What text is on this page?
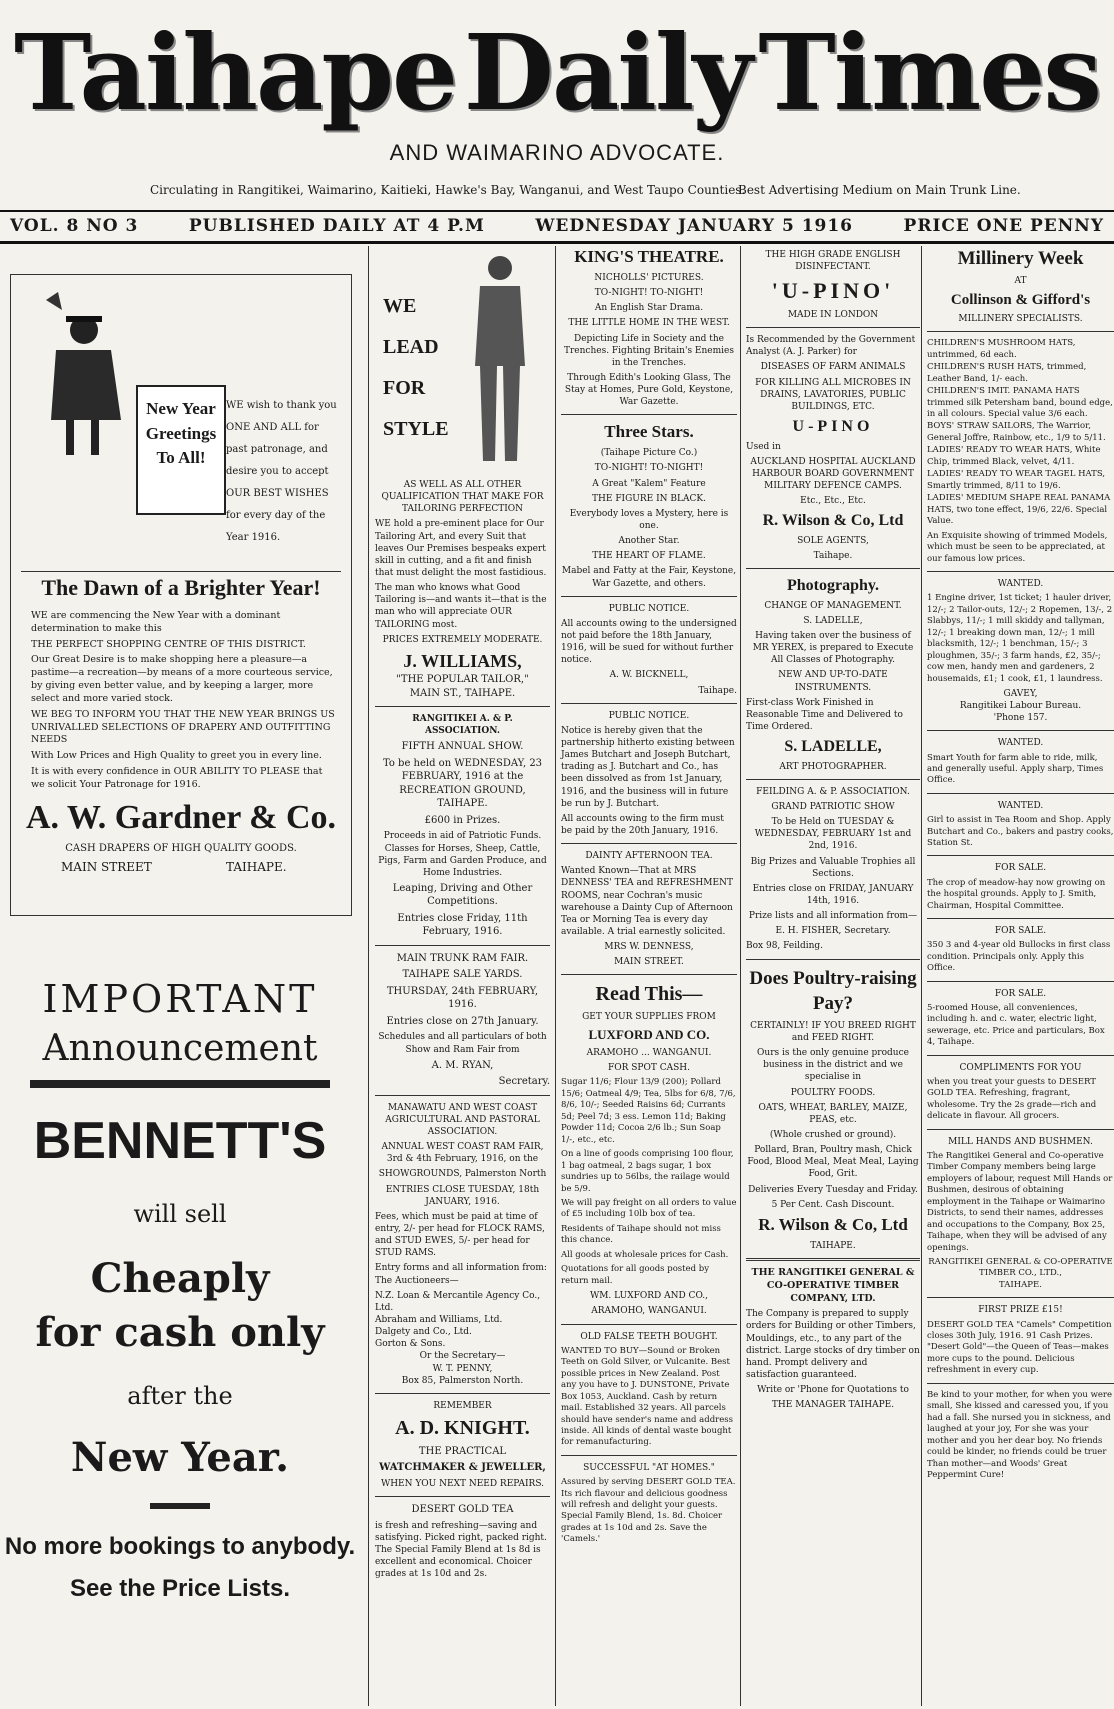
Taihape Daily Times
AND WAIMARINO ADVOCATE.
Circulating in Rangitikei, Waimarino, Kaitieki, Hawke's Bay, Wanganui, and West Taupo Counties.
Best Advertising Medium on Main Trunk Line.
VOL. 8 NO 3	PUBLISHED DAILY AT 4 P.M	WEDNESDAY JANUARY 5 1916	PRICE ONE PENNY
New Year
Greetings
To All!
WE wish to thank you ONE AND ALL for past patronage, and desire you to accept OUR BEST WISHES for every day of the Year 1916.
The Dawn of a Brighter Year!

WE are commencing the New Year with a dominant determination to make this

THE PERFECT SHOPPING CENTRE OF THIS DISTRICT.

Our Great Desire is to make shopping here a pleasure—a pastime—a recreation—by means of a more courteous service, by giving even better value, and by keeping a larger, more select and more varied stock.

WE BEG TO INFORM YOU THAT THE NEW YEAR BRINGS US UNRIVALLED SELECTIONS OF DRAPERY AND OUTFITTING NEEDS

With Low Prices and High Quality to greet you in every line.

It is with every confidence in OUR ABILITY TO PLEASE that we solicit Your Patronage for 1916.

A. W. Gardner & Co.
CASH DRAPERS OF HIGH QUALITY GOODS.
MAIN STREET	TAIHAPE.
IMPORTANT
Announcement
BENNETT'S
will sell
Cheaply
for cash only
after the
New Year.
No more bookings to anybody.
See the Price Lists.
WE
LEAD
FOR
STYLE

AS WELL AS ALL OTHER QUALIFICATION THAT MAKE FOR TAILORING PERFECTION

WE hold a pre-eminent place for Our Tailoring Art, and every Suit that leaves Our Premises bespeaks expert skill in cutting, and a fit and finish that must delight the most fastidious.

The man who knows what Good Tailoring is—and wants it—that is the man who will appreciate OUR TAILORING most.

PRICES EXTREMELY MODERATE.

J. WILLIAMS,
"THE POPULAR TAILOR,"
MAIN ST., TAIHAPE.
RANGITIKEI A. & P. ASSOCIATION.

FIFTH ANNUAL SHOW.

To be held on WEDNESDAY, 23 FEBRUARY, 1916 at the RECREATION GROUND, TAIHAPE.

£600 in Prizes.

Proceeds in aid of Patriotic Funds. Classes for Horses, Sheep, Cattle, Pigs, Farm and Garden Produce, and Home Industries.

Leaping, Driving and Other Competitions.

Entries close Friday, 11th February, 1916.

MAIN TRUNK RAM FAIR.

TAIHAPE SALE YARDS.

THURSDAY, 24th FEBRUARY, 1916.

Entries close on 27th January.

Schedules and all particulars of both Show and Ram Fair from

A. M. RYAN,

Secretary.

MANAWATU AND WEST COAST AGRICULTURAL AND PASTORAL ASSOCIATION.

ANNUAL WEST COAST RAM FAIR, 3rd & 4th February, 1916, on the

SHOWGROUNDS, Palmerston North

ENTRIES CLOSE TUESDAY, 18th JANUARY, 1916.

Fees, which must be paid at time of entry, 2/- per head for FLOCK RAMS, and STUD EWES, 5/- per head for STUD RAMS.

Entry forms and all information from: The Auctioneers—

N.Z. Loan & Mercantile Agency Co., Ltd.

Abraham and Williams, Ltd.

Dalgety and Co., Ltd.

Gorton & Sons.

Or the Secretary—

W. T. PENNY,

Box 85, Palmerston North.

REMEMBER

A. D. KNIGHT.

THE PRACTICAL

WATCHMAKER & JEWELLER,

WHEN YOU NEXT NEED REPAIRS.

DESERT GOLD TEA

is fresh and refreshing—saving and satisfying. Picked right, packed right. The Special Family Blend at 1s 8d is excellent and economical. Choicer grades at 1s 10d and 2s.

KING'S THEATRE.

NICHOLLS' PICTURES.

TO-NIGHT! TO-NIGHT!

An English Star Drama.

THE LITTLE HOME IN THE WEST.

Depicting Life in Society and the Trenches. Fighting Britain's Enemies in the Trenches.

Through Edith's Looking Glass, The Stay at Homes, Pure Gold, Keystone, War Gazette.

Three Stars.

(Taihape Picture Co.)

TO-NIGHT! TO-NIGHT!

A Great "Kalem" Feature

THE FIGURE IN BLACK.

Everybody loves a Mystery, here is one.

Another Star.

THE HEART OF FLAME.

Mabel and Fatty at the Fair, Keystone, War Gazette, and others.

PUBLIC NOTICE.

All accounts owing to the undersigned not paid before the 18th January, 1916, will be sued for without further notice.

A. W. BICKNELL,

Taihape.

PUBLIC NOTICE.

Notice is hereby given that the partnership hitherto existing between James Butchart and Joseph Butchart, trading as J. Butchart and Co., has been dissolved as from 1st January, 1916, and the business will in future be run by J. Butchart.

All accounts owing to the firm must be paid by the 20th January, 1916.

DAINTY AFTERNOON TEA.

Wanted Known—That at MRS DENNESS' TEA and REFRESHMENT ROOMS, near Cochran's music warehouse a Dainty Cup of Afternoon Tea or Morning Tea is every day available. A trial earnestly solicited.

MRS W. DENNESS,

MAIN STREET.

Read This—

GET YOUR SUPPLIES FROM

LUXFORD AND CO.

ARAMOHO ... WANGANUI.

FOR SPOT CASH.

Sugar 11/6; Flour 13/9 (200); Pollard 15/6; Oatmeal 4/9; Tea, 5lbs for 6/8, 7/6, 8/6, 10/-; Seeded Raisins 6d; Currants 5d; Peel 7d; 3 ess. Lemon 11d; Baking Powder 11d; Cocoa 2/6 lb.; Sun Soap 1/-, etc., etc.

On a line of goods comprising 100 flour, 1 bag oatmeal, 2 bags sugar, 1 box sundries up to 56lbs, the railage would be 5/9.

We will pay freight on all orders to value of £5 including 10lb box of tea.

Residents of Taihape should not miss this chance.

All goods at wholesale prices for Cash.

Quotations for all goods posted by return mail.

WM. LUXFORD AND CO.,

ARAMOHO, WANGANUI.

OLD FALSE TEETH BOUGHT.

WANTED TO BUY—Sound or Broken Teeth on Gold Silver, or Vulcanite. Best possible prices in New Zealand. Post any you have to J. DUNSTONE, Private Box 1053, Auckland. Cash by return mail. Established 32 years. All parcels should have sender's name and address inside. All kinds of dental waste bought for remanufacturing.

SUCCESSFUL "AT HOMES."

Assured by serving DESERT GOLD TEA. Its rich flavour and delicious goodness will refresh and delight your guests. Special Family Blend, 1s. 8d. Choicer grades at 1s 10d and 2s. Save the 'Camels.'

THE HIGH GRADE ENGLISH DISINFECTANT.

'U-PINO'

MADE IN LONDON

Is Recommended by the Government Analyst (A. J. Parker) for

DISEASES OF FARM ANIMALS

FOR KILLING ALL MICROBES IN DRAINS, LAVATORIES, PUBLIC BUILDINGS, ETC.

U-PINO

Used in

AUCKLAND HOSPITAL AUCKLAND HARBOUR BOARD GOVERNMENT MILITARY DEFENCE CAMPS.

Etc., Etc., Etc.

R. Wilson & Co, Ltd

SOLE AGENTS,

Taihape.

Photography.

CHANGE OF MANAGEMENT.

S. LADELLE,

Having taken over the business of MR YEREX, is prepared to Execute All Classes of Photography.

NEW AND UP-TO-DATE INSTRUMENTS.

First-class Work Finished in Reasonable Time and Delivered to Time Ordered.

S. LADELLE,

ART PHOTOGRAPHER.

FEILDING A. & P. ASSOCIATION.

GRAND PATRIOTIC SHOW

To be Held on TUESDAY & WEDNESDAY, FEBRUARY 1st and 2nd, 1916.

Big Prizes and Valuable Trophies all Sections.

Entries close on FRIDAY, JANUARY 14th, 1916.

Prize lists and all information from—

E. H. FISHER, Secretary.

Box 98, Feilding.

Does Poultry-raising Pay?

CERTAINLY! IF YOU BREED RIGHT and FEED RIGHT.

Ours is the only genuine produce business in the district and we specialise in

POULTRY FOODS.

OATS, WHEAT, BARLEY, MAIZE, PEAS, etc.

(Whole crushed or ground).

Pollard, Bran, Poultry mash, Chick Food, Blood Meal, Meat Meal, Laying Food, Grit.

Deliveries Every Tuesday and Friday.

5 Per Cent. Cash Discount.

R. Wilson & Co, Ltd

TAIHAPE.

THE RANGITIKEI GENERAL & CO-OPERATIVE TIMBER COMPANY, LTD.

The Company is prepared to supply orders for Building or other Timbers, Mouldings, etc., to any part of the district. Large stocks of dry timber on hand. Prompt delivery and satisfaction guaranteed.

Write or 'Phone for Quotations to

THE MANAGER TAIHAPE.

Millinery Week

AT

Collinson & Gifford's

MILLINERY SPECIALISTS.

CHILDREN'S MUSHROOM HATS, untrimmed, 6d each.

CHILDREN'S RUSH HATS, trimmed, Leather Band, 1/- each.

CHILDREN'S IMIT. PANAMA HATS trimmed silk Petersham band, bound edge, in all colours. Special value 3/6 each.

BOYS' STRAW SAILORS, The Warrior, General Joffre, Rainbow, etc., 1/9 to 5/11.

LADIES' READY TO WEAR HATS, White Chip, trimmed Black, velvet, 4/11.

LADIES' READY TO WEAR TAGEL HATS, Smartly trimmed, 8/11 to 19/6.

LADIES' MEDIUM SHAPE REAL PANAMA HATS, two tone effect, 19/6, 22/6. Special Value.

An Exquisite showing of trimmed Models, which must be seen to be appreciated, at our famous low prices.

WANTED.

1 Engine driver, 1st ticket; 1 hauler driver, 12/-; 2 Tailor-outs, 12/-; 2 Ropemen, 13/-, 2 Slabbys, 11/-; 1 mill skiddy and tallyman, 12/-; 1 breaking down man, 12/-; 1 mill blacksmith, 12/-; 1 benchman, 15/-; 3 ploughmen, 35/-; 3 farm hands, £2, 35/-; cow men, handy men and gardeners, 2 housemaids, £1; 1 cook, £1, 1 laundress.

GAVEY,

Rangitikei Labour Bureau.

'Phone 157.

WANTED.

Smart Youth for farm able to ride, milk, and generally useful. Apply sharp, Times Office.

WANTED.

Girl to assist in Tea Room and Shop. Apply Butchart and Co., bakers and pastry cooks, Station St.

FOR SALE.

The crop of meadow-hay now growing on the hospital grounds. Apply to J. Smith, Chairman, Hospital Committee.

FOR SALE.

350 3 and 4-year old Bullocks in first class condition. Principals only. Apply this Office.

FOR SALE.

5-roomed House, all conveniences, including h. and c. water, electric light, sewerage, etc. Price and particulars, Box 4, Taihape.

COMPLIMENTS FOR YOU

when you treat your guests to DESERT GOLD TEA. Refreshing, fragrant, wholesome. Try the 2s grade—rich and delicate in flavour. All grocers.

MILL HANDS AND BUSHMEN.

The Rangitikei General and Co-operative Timber Company members being large employers of labour, request Mill Hands or Bushmen, desirous of obtaining employment in the Taihape or Waimarino Districts, to send their names, addresses and occupations to the Company, Box 25, Taihape, when they will be advised of any openings.

RANGITIKEI GENERAL & CO-OPERATIVE TIMBER CO., LTD.,

TAIHAPE.

FIRST PRIZE £15!

DESERT GOLD TEA "Camels" Competition closes 30th July, 1916. 91 Cash Prizes. "Desert Gold"—the Queen of Teas—makes more cups to the pound. Delicious refreshment in every cup.

Be kind to your mother, for when you were small, She kissed and caressed you, if you had a fall. She nursed you in sickness, and laughed at your joy, For she was your mother and you her dear boy. No friends could be kinder, no friends could be truer Than mother—and Woods' Great Peppermint Cure!
